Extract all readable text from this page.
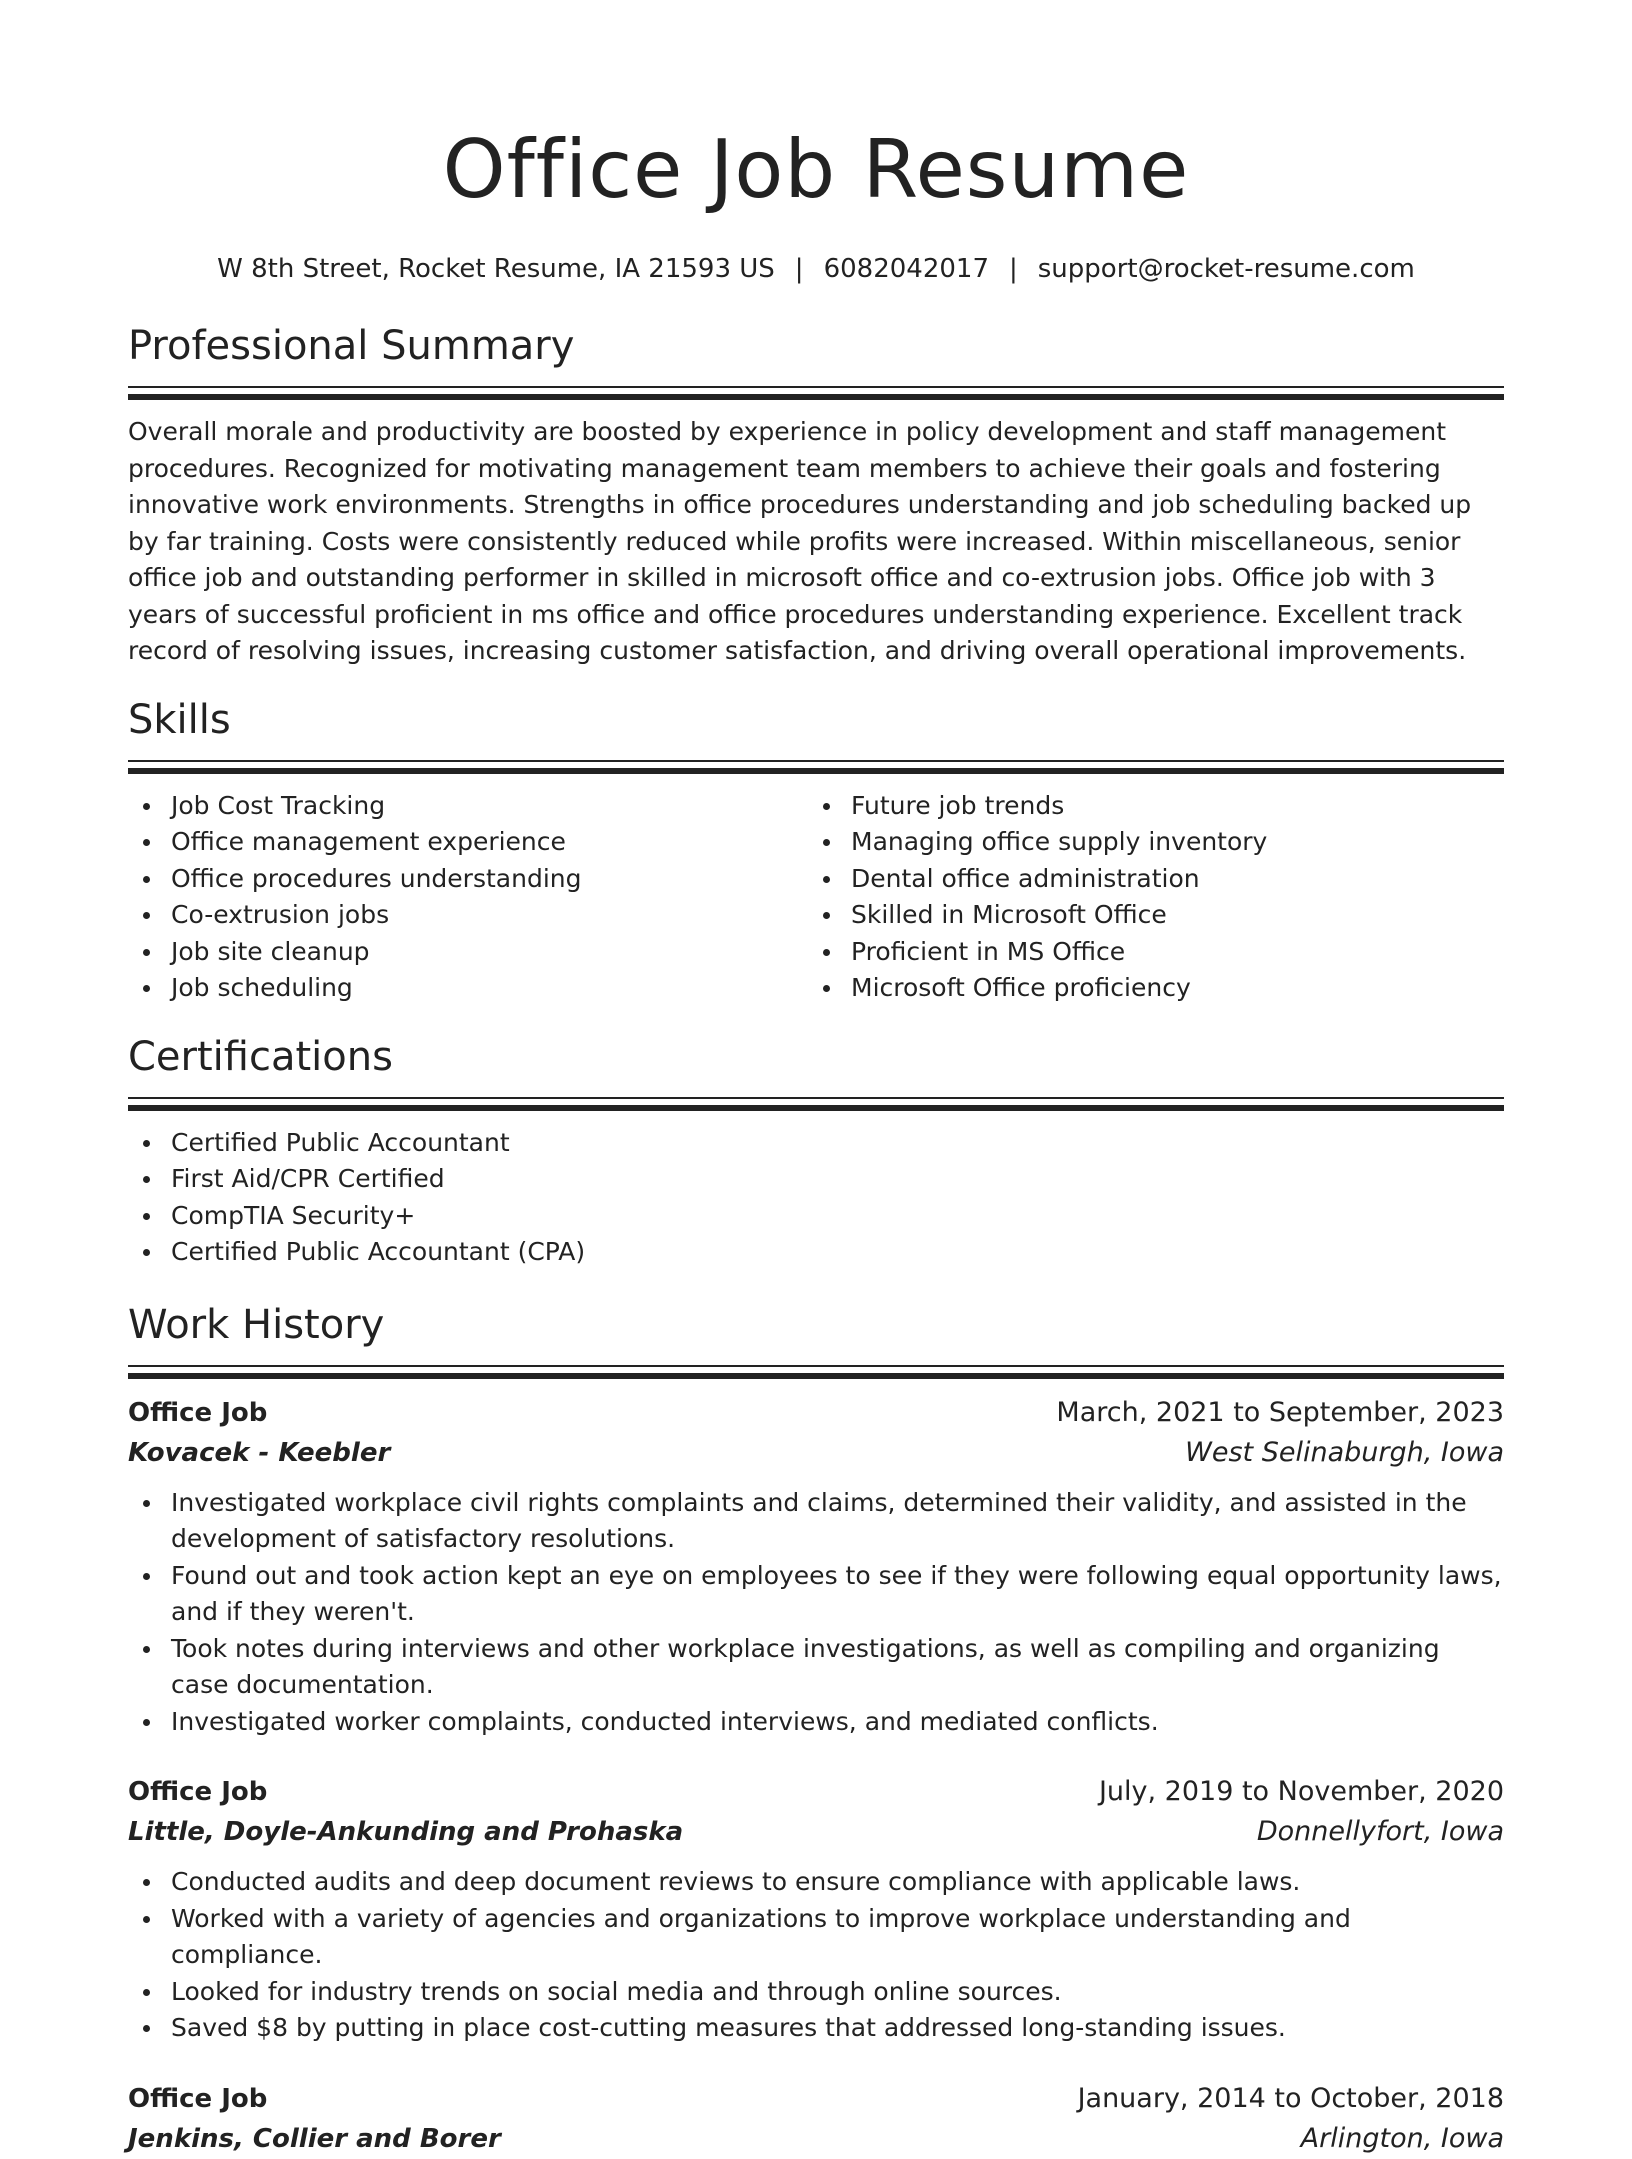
Office Job Resume
W 8th Street, Rocket Resume, IA 21593 US | 6082042017 | support@rocket-resume.com
Professional Summary
Overall morale and productivity are boosted by experience in policy development and staff management procedures. Recognized for motivating management team members to achieve their goals and fostering innovative work environments. Strengths in office procedures understanding and job scheduling backed up by far training. Costs were consistently reduced while profits were increased. Within miscellaneous, senior office job and outstanding performer in skilled in microsoft office and co-extrusion jobs. Office job with 3 years of successful proficient in ms office and office procedures understanding experience. Excellent track record of resolving issues, increasing customer satisfaction, and driving overall operational improvements.
Skills
Job Cost Tracking
Office management experience
Office procedures understanding
Co-extrusion jobs
Job site cleanup
Job scheduling
Future job trends
Managing office supply inventory
Dental office administration
Skilled in Microsoft Office
Proficient in MS Office
Microsoft Office proficiency
Certifications
Certified Public Accountant
First Aid/CPR Certified
CompTIA Security+
Certified Public Accountant (CPA)
Work History
Office Job	March, 2021 to September, 2023
Kovacek - Keebler	West Selinaburgh, Iowa
Investigated workplace civil rights complaints and claims, determined their validity, and assisted in the development of satisfactory resolutions.
Found out and took action kept an eye on employees to see if they were following equal opportunity laws, and if they weren't.
Took notes during interviews and other workplace investigations, as well as compiling and organizing case documentation.
Investigated worker complaints, conducted interviews, and mediated conflicts.
Office Job	July, 2019 to November, 2020
Little, Doyle-Ankunding and Prohaska	Donnellyfort, Iowa
Conducted audits and deep document reviews to ensure compliance with applicable laws.
Worked with a variety of agencies and organizations to improve workplace understanding and compliance.
Looked for industry trends on social media and through online sources.
Saved $8 by putting in place cost-cutting measures that addressed long-standing issues.
Office Job	January, 2014 to October, 2018
Jenkins, Collier and Borer	Arlington, Iowa
